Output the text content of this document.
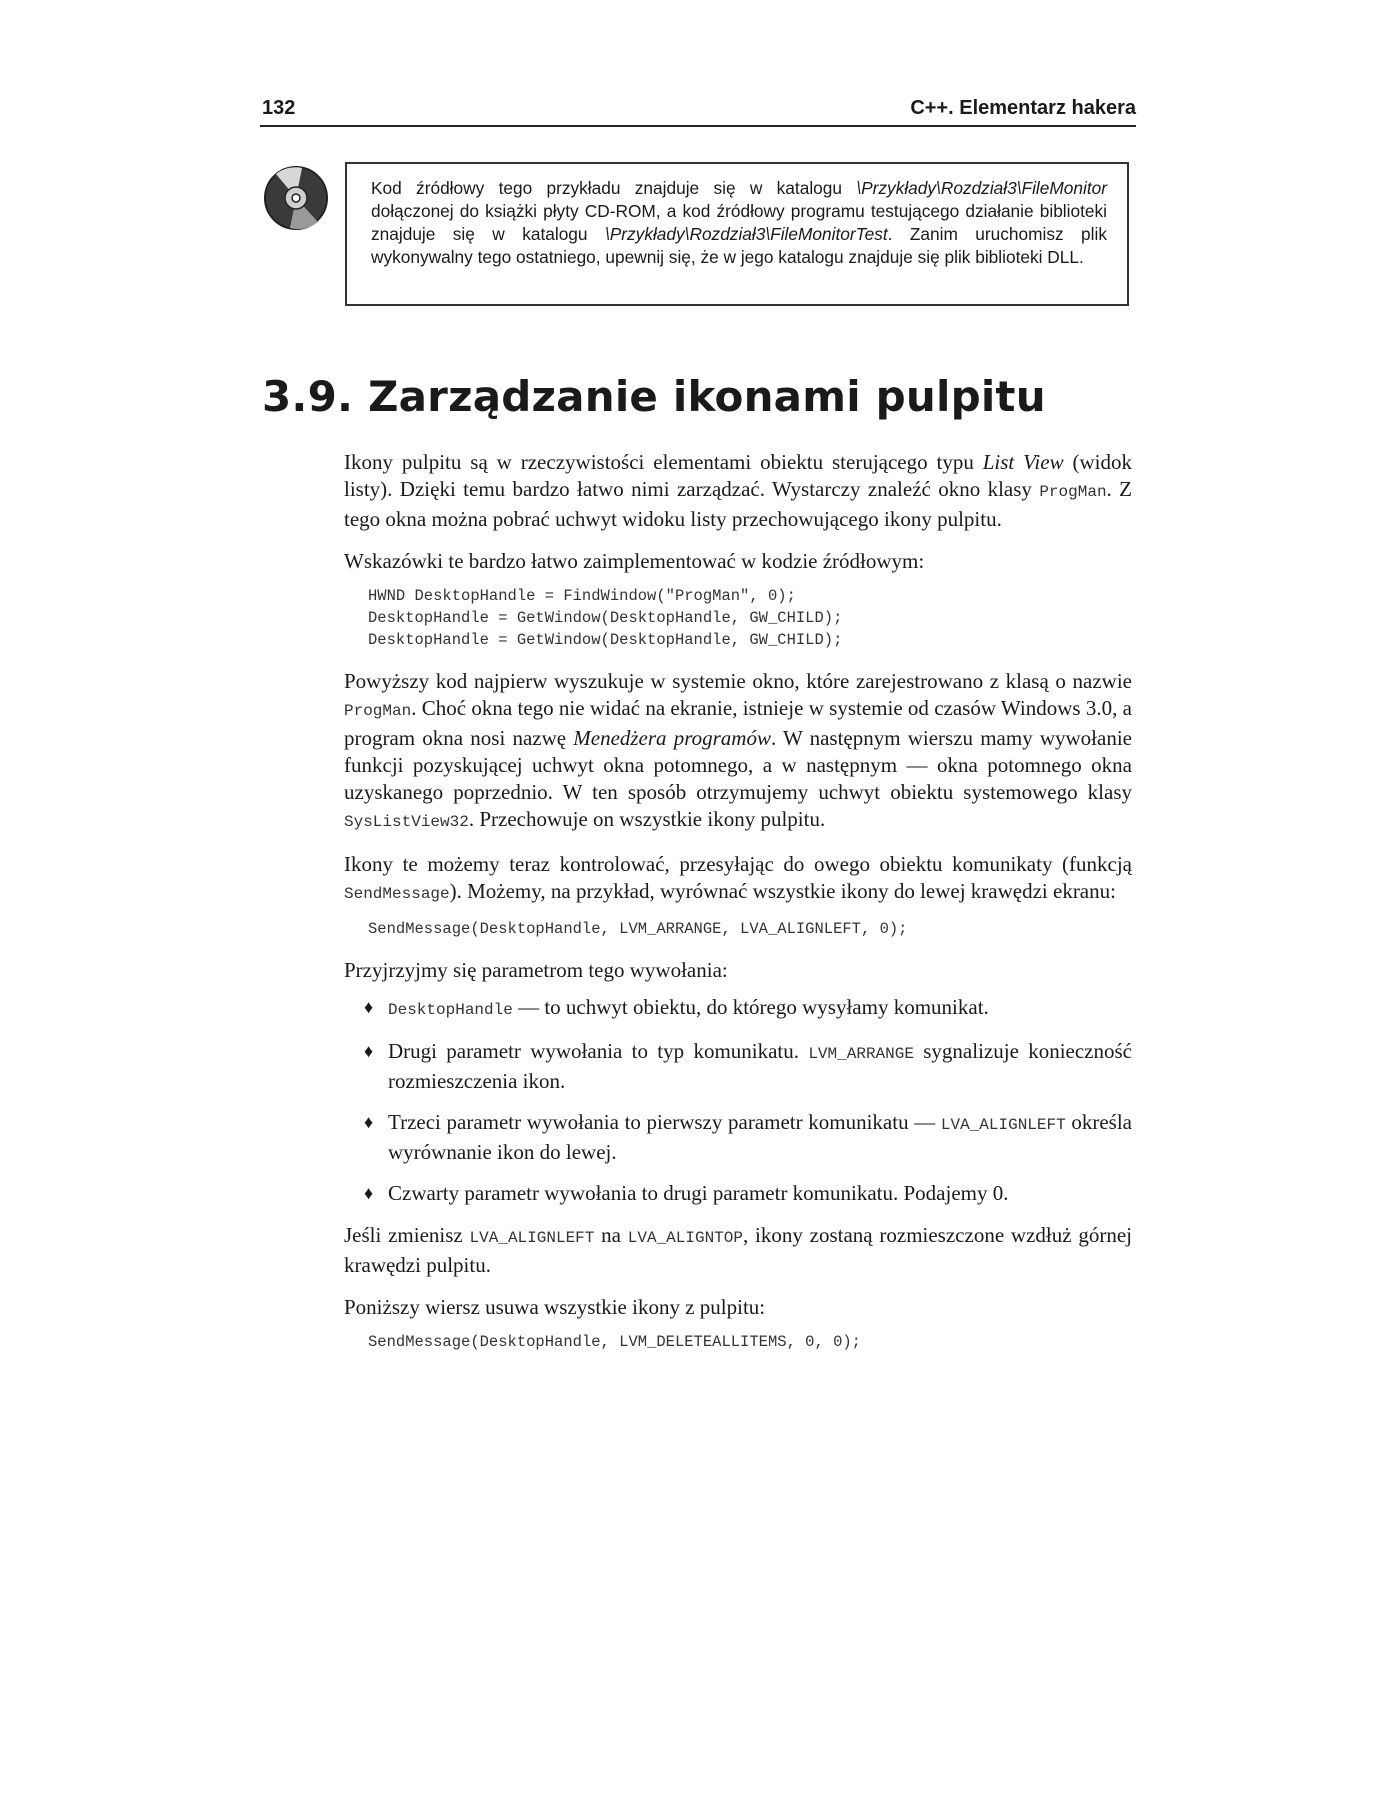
132	C++. Elementarz hakera
Kod źródłowy tego przykładu znajduje się w katalogu \Przykłady\Rozdział3\FileMonitor dołączonej do książki płyty CD-ROM, a kod źródłowy programu testującego działanie biblioteki znajduje się w katalogu \Przykłady\Rozdział3\FileMonitorTest. Zanim uruchomisz plik wykonywalny tego ostatniego, upewnij się, że w jego katalogu znajduje się plik biblioteki DLL.
3.9. Zarządzanie ikonami pulpitu

Ikony pulpitu są w rzeczywistości elementami obiektu sterującego typu List View (widok listy). Dzięki temu bardzo łatwo nimi zarządzać. Wystarczy znaleźć okno klasy ProgMan. Z tego okna można pobrać uchwyt widoku listy przechowującego ikony pulpitu.

Wskazówki te bardzo łatwo zaimplementować w kodzie źródłowym:

HWND DesktopHandle = FindWindow("ProgMan", 0);
DesktopHandle = GetWindow(DesktopHandle, GW_CHILD);
DesktopHandle = GetWindow(DesktopHandle, GW_CHILD);

Powyższy kod najpierw wyszukuje w systemie okno, które zarejestrowano z klasą o nazwie ProgMan. Choć okna tego nie widać na ekranie, istnieje w systemie od czasów Windows 3.0, a program okna nosi nazwę Menedżera programów. W następnym wierszu mamy wywołanie funkcji pozyskującej uchwyt okna potomnego, a w następnym — okna potomnego okna uzyskanego poprzednio. W ten sposób otrzymujemy uchwyt obiektu systemowego klasy SysListView32. Przechowuje on wszystkie ikony pulpitu.

Ikony te możemy teraz kontrolować, przesyłając do owego obiektu komunikaty (funkcją SendMessage). Możemy, na przykład, wyrównać wszystkie ikony do lewej krawędzi ekranu:

SendMessage(DesktopHandle, LVM_ARRANGE, LVA_ALIGNLEFT, 0);

Przyjrzyjmy się parametrom tego wywołania:

♦ DesktopHandle — to uchwyt obiektu, do którego wysyłamy komunikat.
♦ Drugi parametr wywołania to typ komunikatu. LVM_ARRANGE sygnalizuje konieczność rozmieszczenia ikon.
♦ Trzeci parametr wywołania to pierwszy parametr komunikatu — LVA_ALIGNLEFT określa wyrównanie ikon do lewej.
♦ Czwarty parametr wywołania to drugi parametr komunikatu. Podajemy 0.

Jeśli zmienisz LVA_ALIGNLEFT na LVA_ALIGNTOP, ikony zostaną rozmieszczone wzdłuż górnej krawędzi pulpitu.

Poniższy wiersz usuwa wszystkie ikony z pulpitu:

SendMessage(DesktopHandle, LVM_DELETEALLITEMS, 0, 0);
